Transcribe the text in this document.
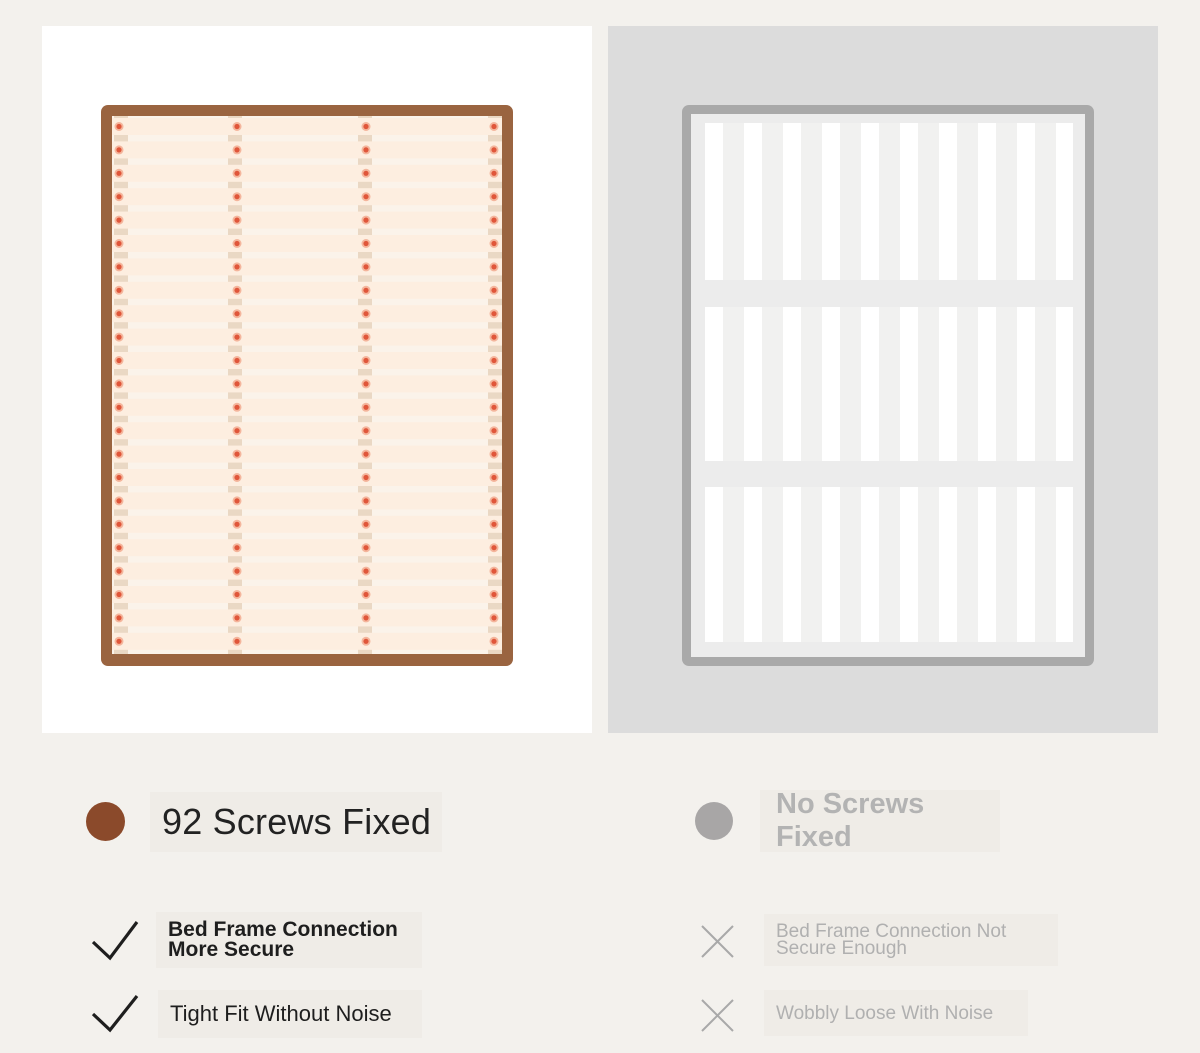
92 Screws Fixed	No Screws Fixed
Bed Frame Connection
More Secure
Tight Fit Without Noise
Bed Frame Connection Not
Secure Enough
Wobbly Loose With Noise
